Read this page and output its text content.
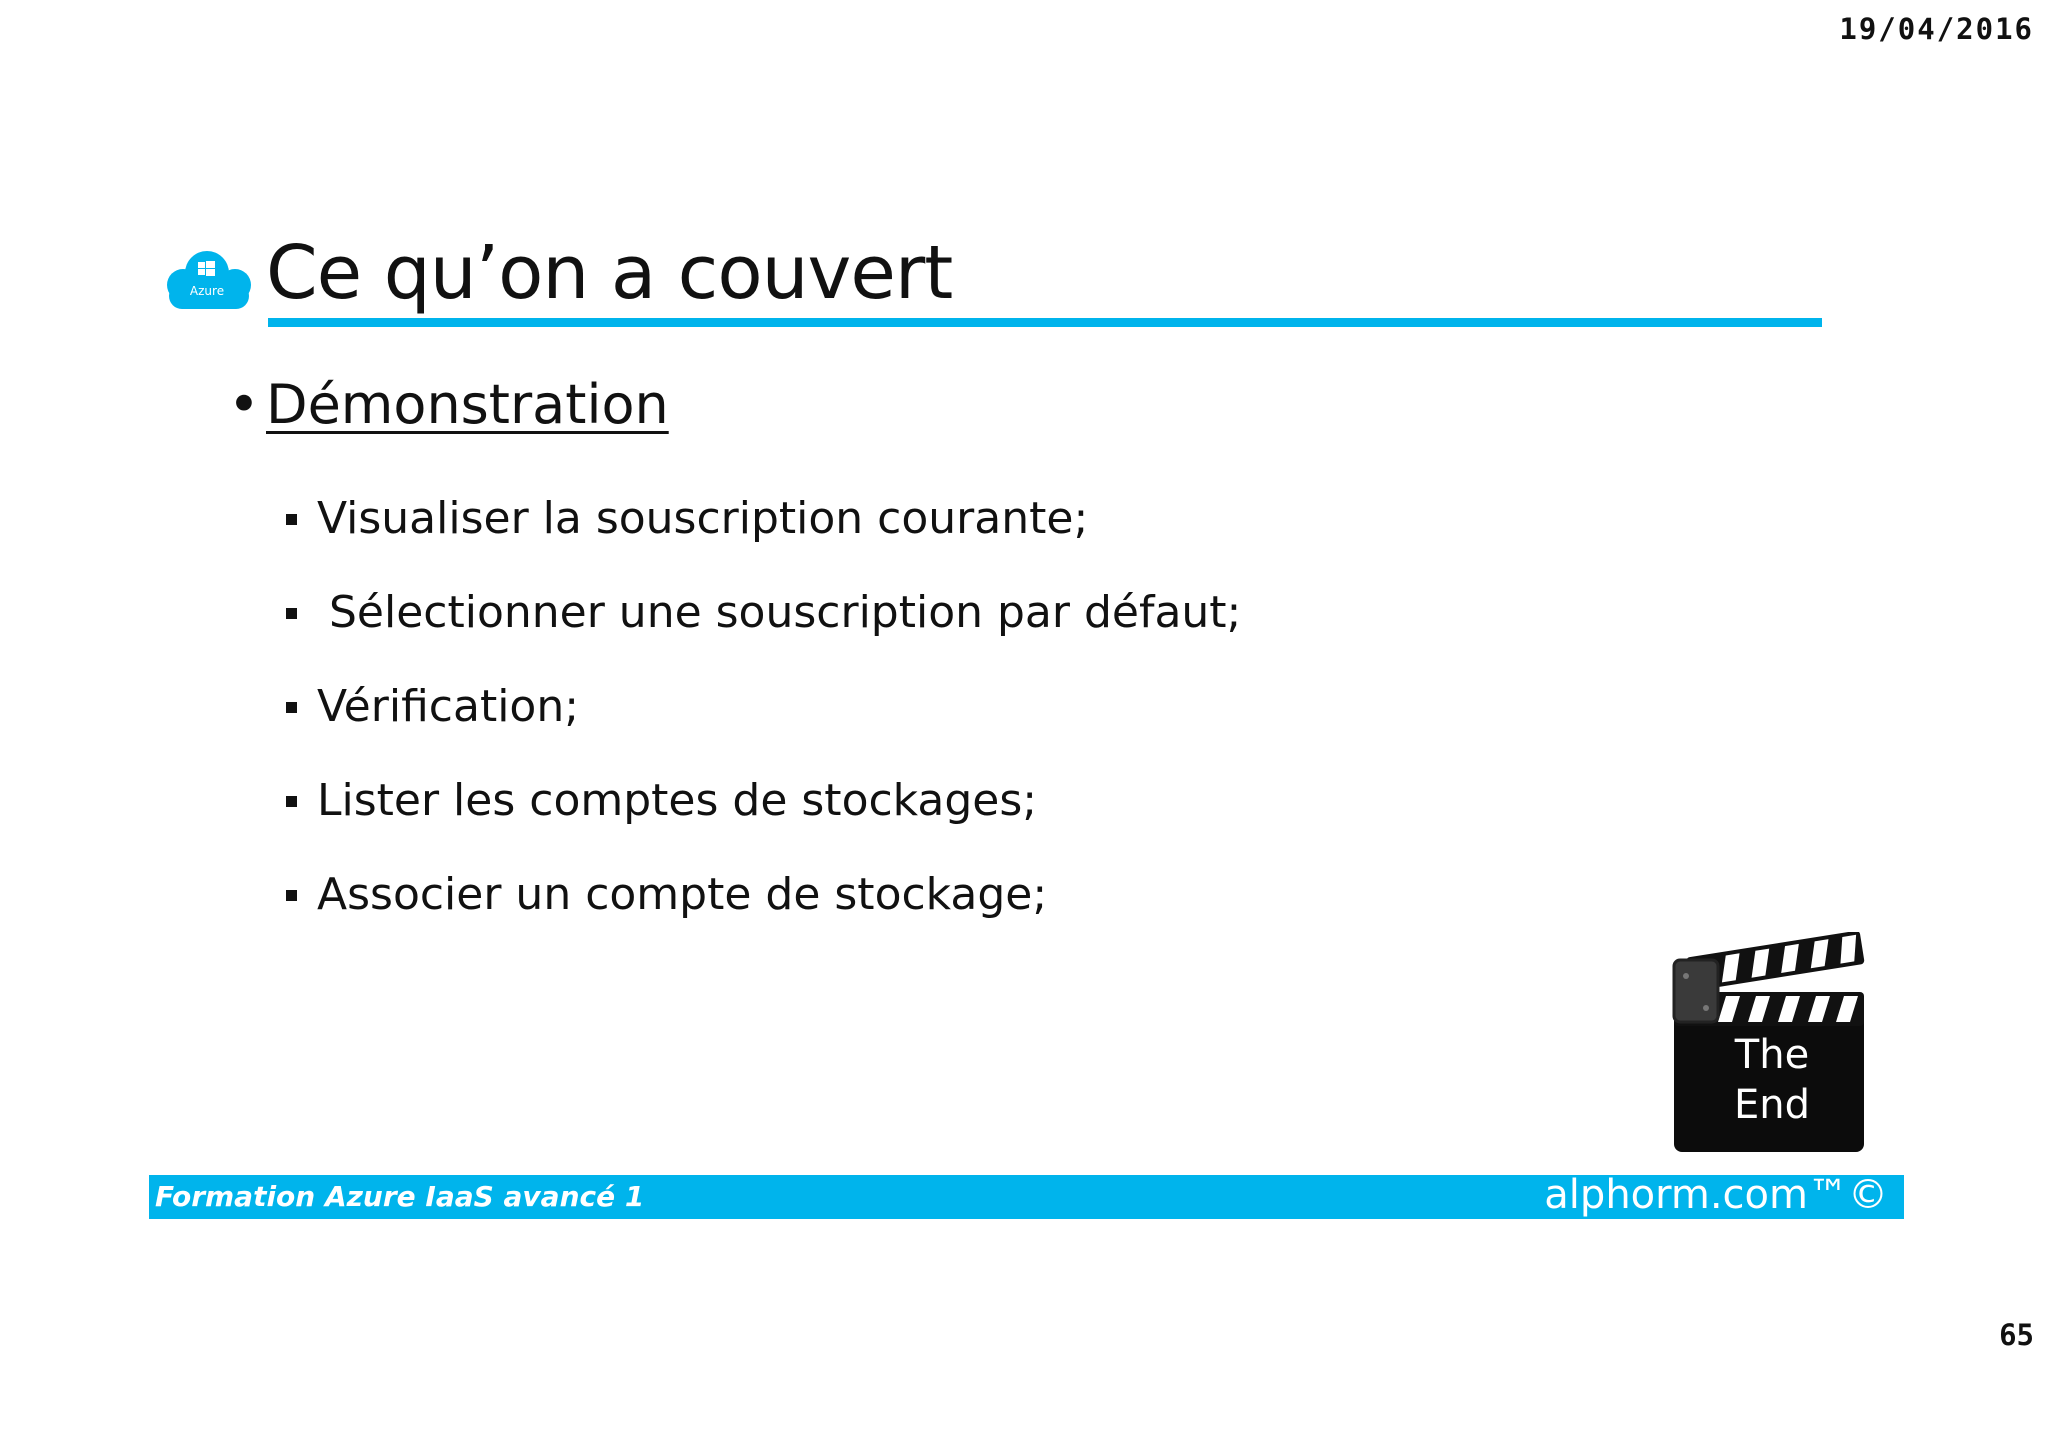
19/04/2016
Azure Ce qu’on a couvert
• Démonstration
Visualiser la souscription courante;
Sélectionner une souscription par défaut;
Vérification;
Lister les comptes de stockages;
Associer un compte de stockage;
The
End
Formation Azure IaaS avancé 1	alphorm.com™©
65
